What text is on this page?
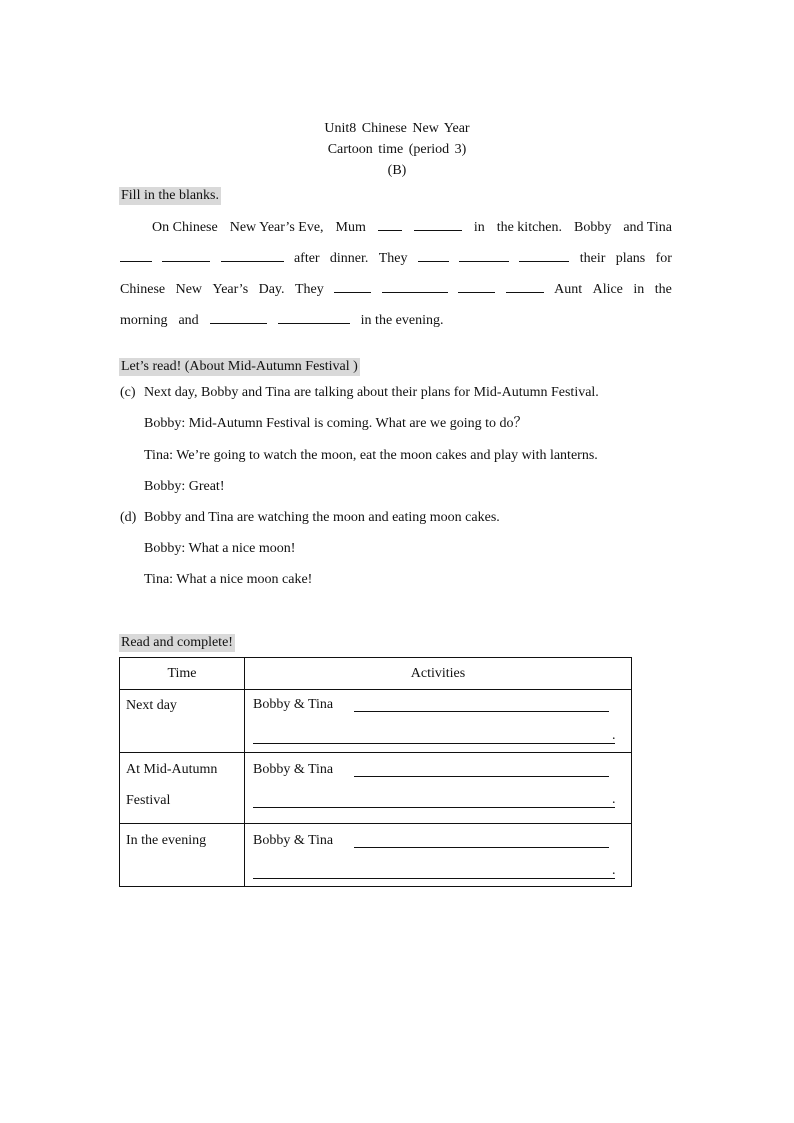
Unit8 Chinese New Year
Cartoon time (period 3)
(B)
Fill in the blanks.
On Chinese New Year’s Eve, Mum	in the kitchen. Bobby and Tina
after dinner. They	their plans for
Chinese New Year’s Day. They	Aunt Alice in the
morning and	in the evening.
Let’s read! (About Mid-Autumn Festival )
(c) Next day, Bobby and Tina are talking about their plans for Mid-Autumn Festival.
Bobby: Mid-Autumn Festival is coming. What are we going to do？
Tina: We’re going to watch the moon, eat the moon cakes and play with lanterns.
Bobby: Great!
(d) Bobby and Tina are watching the moon and eating moon cakes.
Bobby: What a nice moon!
Tina: What a nice moon cake!
Read and complete!
Time	Activities
Next day	Bobby & Tina
.

At Mid-Autumn Festival	Bobby & Tina
.

In the evening	Bobby & Tina
.
